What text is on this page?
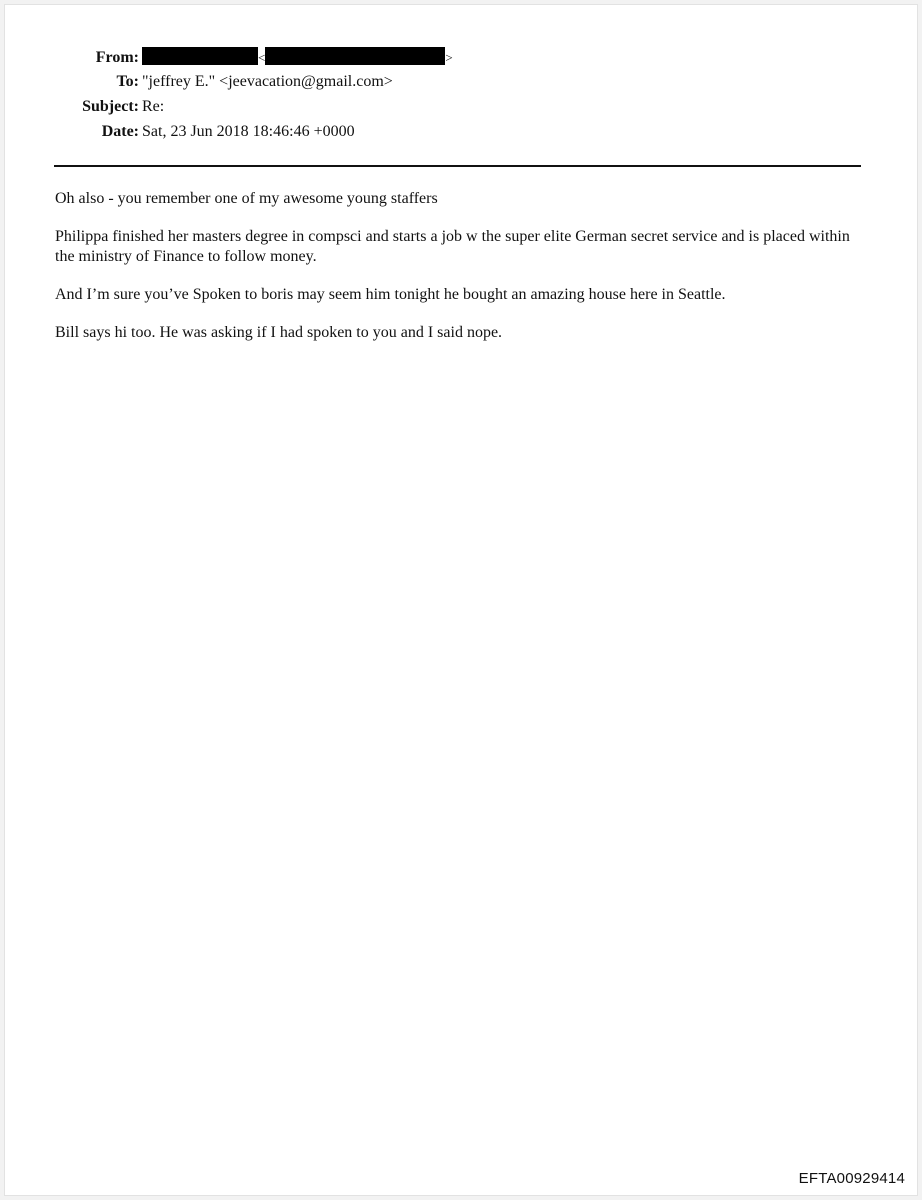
From:	<	>
To: "jeffrey E." <jeevacation@gmail.com>
Subject: Re:
Date: Sat, 23 Jun 2018 18:46:46 +0000

Oh also - you remember one of my awesome young staffers

Philippa finished her masters degree in compsci and starts a job w the super elite German secret service and is placed within the ministry of Finance to follow money.

And I’m sure you’ve Spoken to boris may seem him tonight he bought an amazing house here in Seattle.

Bill says hi too. He was asking if I had spoken to you and I said nope.

EFTA00929414
